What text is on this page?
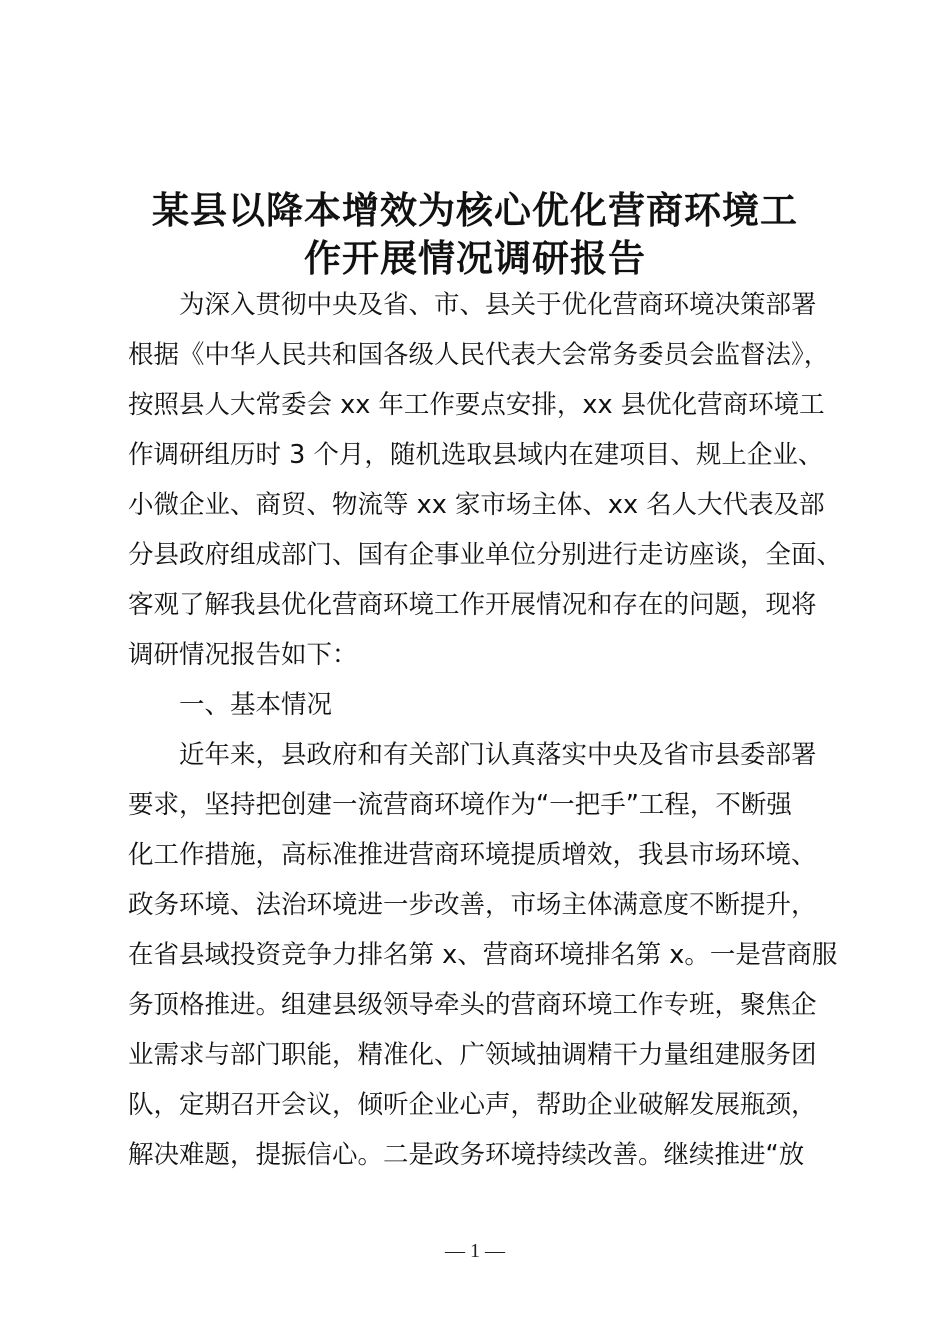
某县以降本增效为核心优化营商环境工
作开展情况调研报告

为深入贯彻中央及省、市、县关于优化营商环境决策部署

根据《中华人民共和国各级人民代表大会常务委员会监督法》，

按照县人大常委会 xx 年工作要点安排，xx 县优化营商环境工

作调研组历时 3 个月，随机选取县域内在建项目、规上企业、

小微企业、商贸、物流等 xx 家市场主体、xx 名人大代表及部

分县政府组成部门、国有企事业单位分别进行走访座谈，全面、

客观了解我县优化营商环境工作开展情况和存在的问题，现将

调研情况报告如下：

一、基本情况

近年来，县政府和有关部门认真落实中央及省市县委部署

要求，坚持把创建一流营商环境作为“一把手”工程，不断强

化工作措施，高标准推进营商环境提质增效，我县市场环境、

政务环境、法治环境进一步改善，市场主体满意度不断提升，

在省县域投资竞争力排名第 x、营商环境排名第 x。一是营商服

务顶格推进。组建县级领导牵头的营商环境工作专班，聚焦企

业需求与部门职能，精准化、广领域抽调精干力量组建服务团

队，定期召开会议，倾听企业心声，帮助企业破解发展瓶颈，

解决难题，提振信心。二是政务环境持续改善。继续推进“放

— 1 —
